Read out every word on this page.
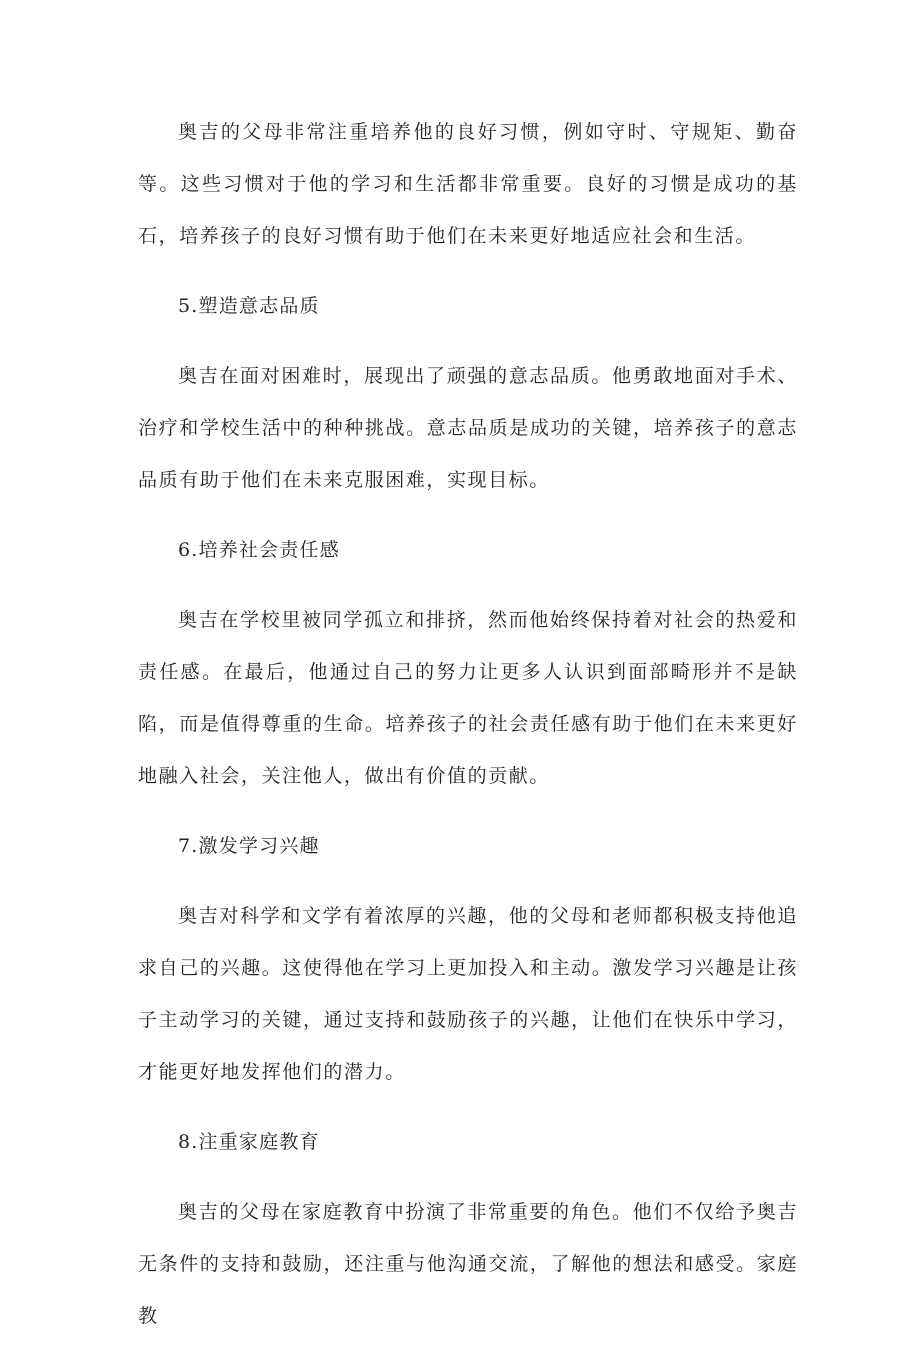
奥吉的父母非常注重培养他的良好习惯，例如守时、守规矩、勤奋等。这些习惯对于他的学习和生活都非常重要。良好的习惯是成功的基石，培养孩子的良好习惯有助于他们在未来更好地适应社会和生活。

5.塑造意志品质

奥吉在面对困难时，展现出了顽强的意志品质。他勇敢地面对手术、治疗和学校生活中的种种挑战。意志品质是成功的关键，培养孩子的意志品质有助于他们在未来克服困难，实现目标。

6.培养社会责任感

奥吉在学校里被同学孤立和排挤，然而他始终保持着对社会的热爱和责任感。在最后，他通过自己的努力让更多人认识到面部畸形并不是缺陷，而是值得尊重的生命。培养孩子的社会责任感有助于他们在未来更好地融入社会，关注他人，做出有价值的贡献。

7.激发学习兴趣

奥吉对科学和文学有着浓厚的兴趣，他的父母和老师都积极支持他追求自己的兴趣。这使得他在学习上更加投入和主动。激发学习兴趣是让孩子主动学习的关键，通过支持和鼓励孩子的兴趣，让他们在快乐中学习，才能更好地发挥他们的潜力。

8.注重家庭教育

奥吉的父母在家庭教育中扮演了非常重要的角色。他们不仅给予奥吉无条件的支持和鼓励，还注重与他沟通交流，了解他的想法和感受。家庭教
